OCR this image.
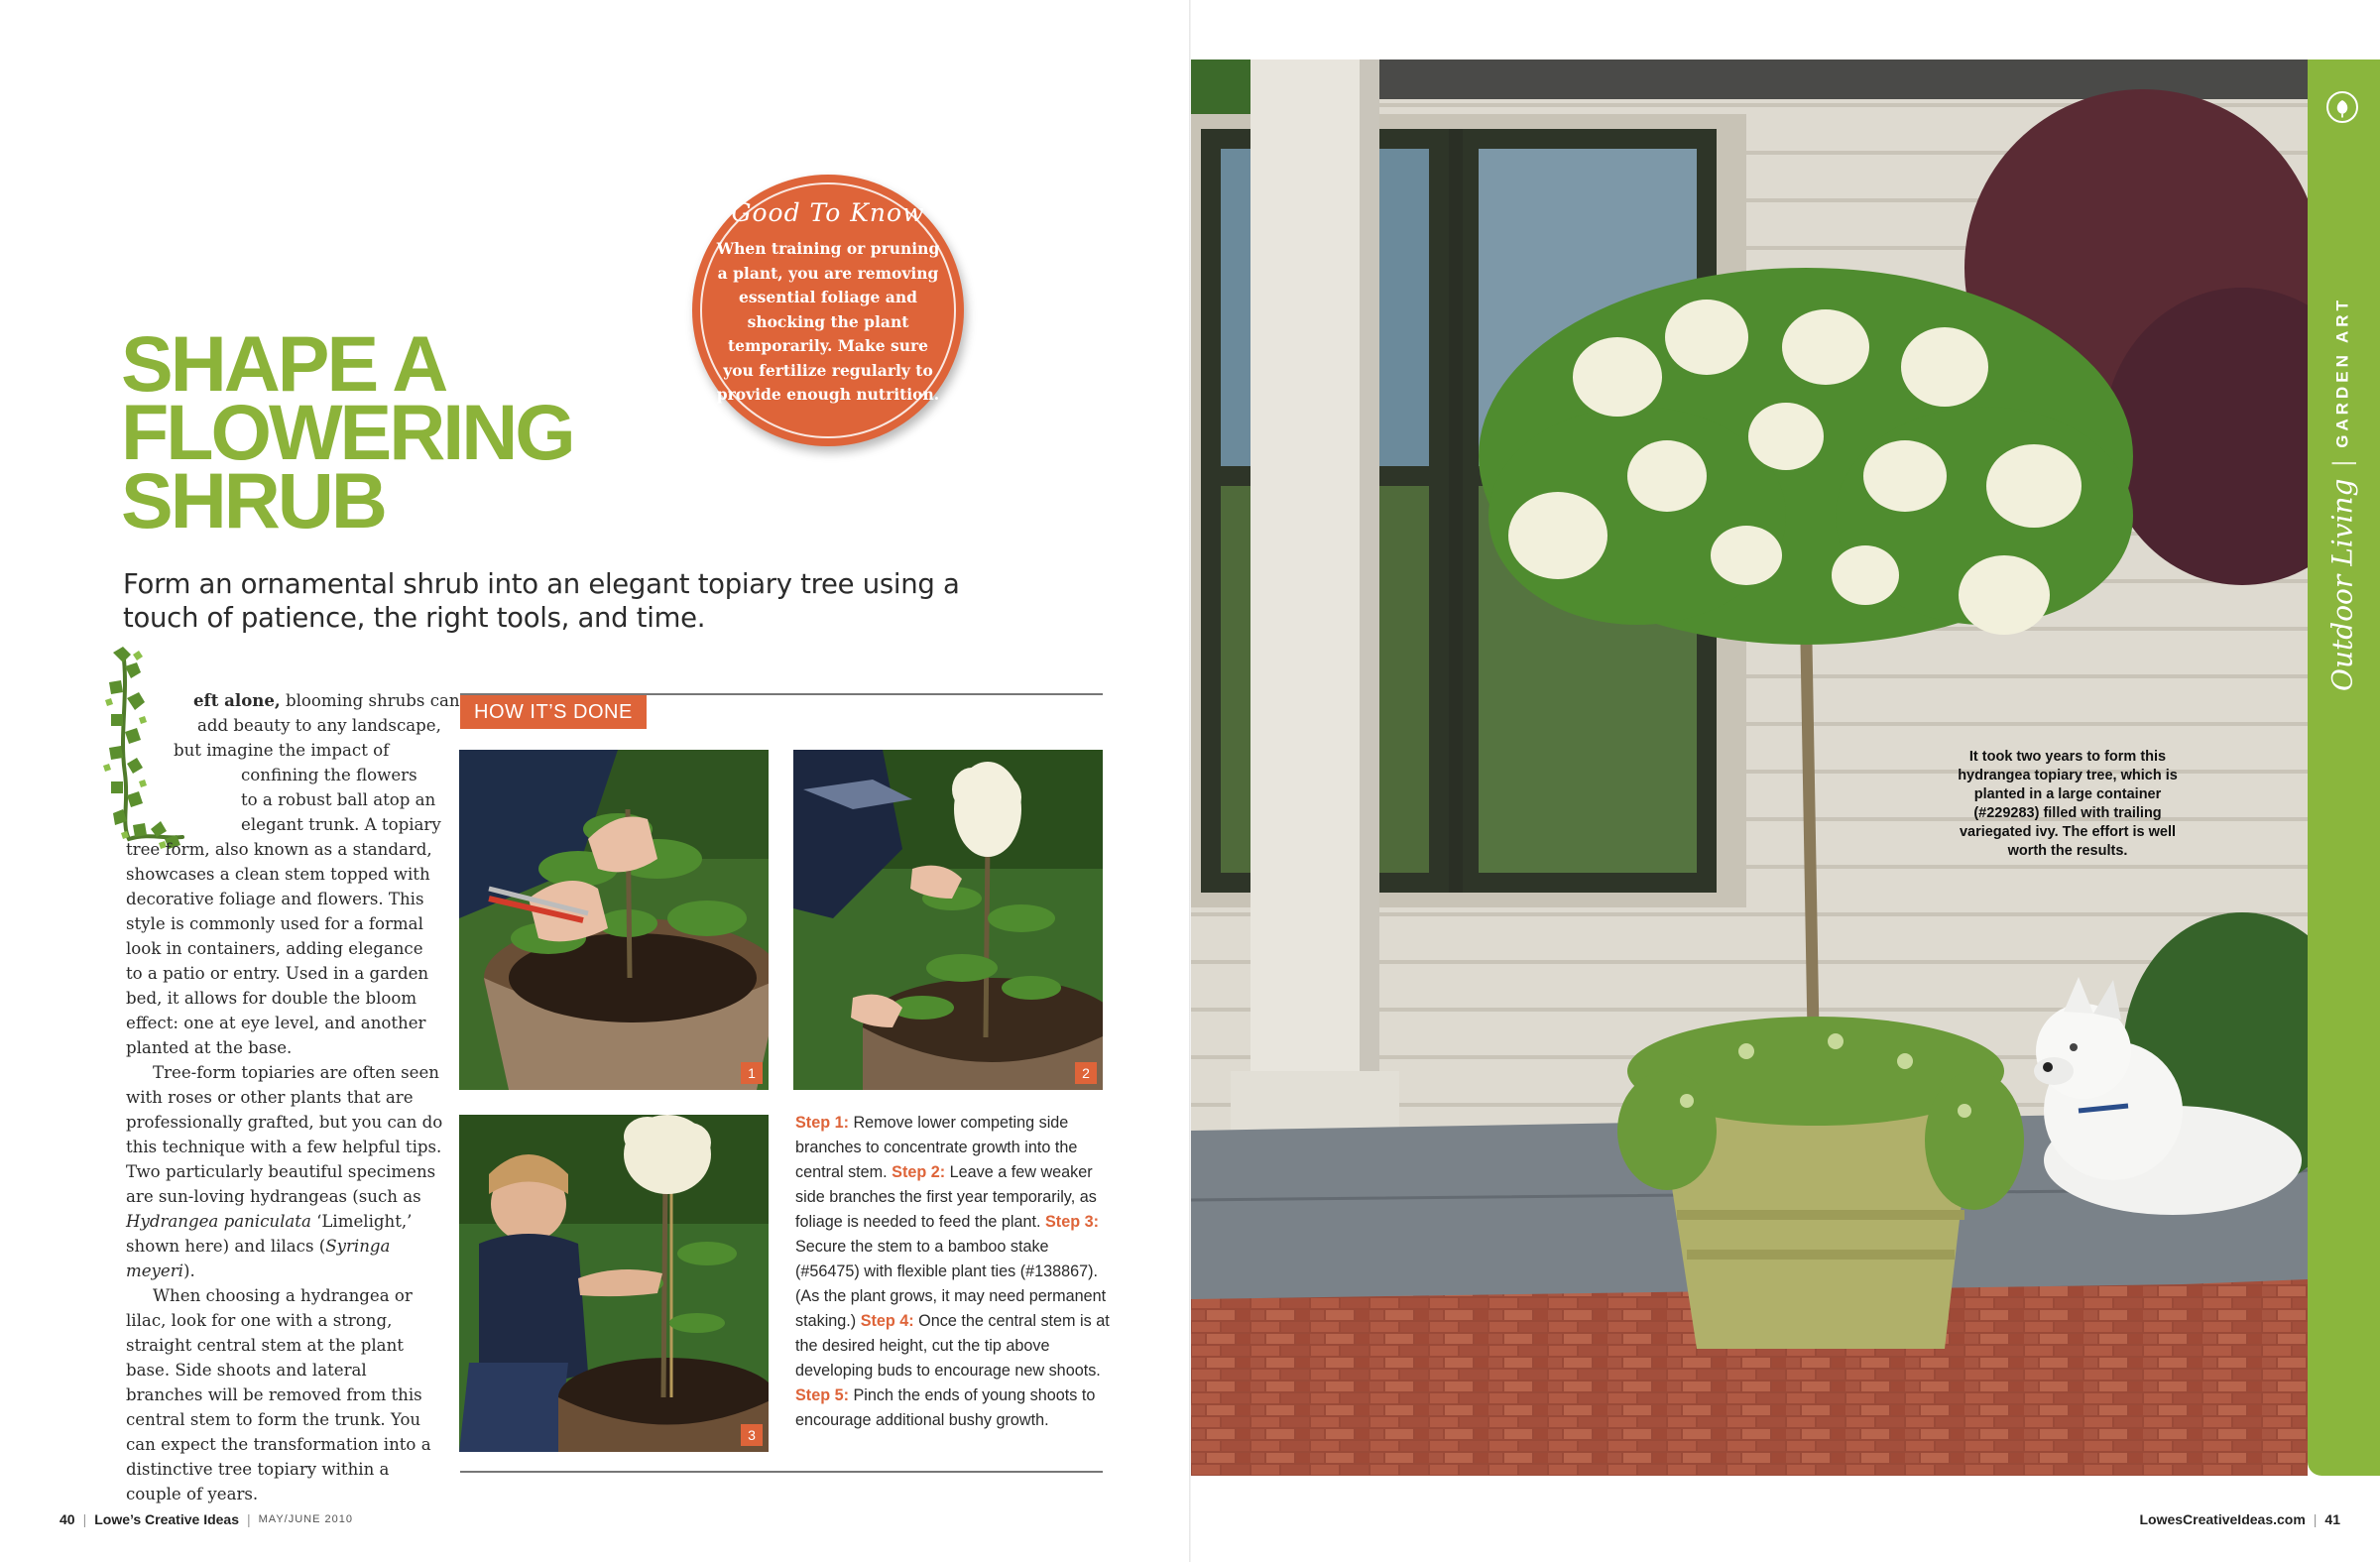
Good To Know
When training or pruning a plant, you are removing essential foliage and shocking the plant temporarily. Make sure you fertilize regularly to provide enough nutrition.
SHAPE A
FLOWERING
SHRUB
Form an ornamental shrub into an elegant topiary tree using a touch of patience, the right tools, and time.

eft alone, blooming shrubs can
add beauty to any landscape,
but imagine the impact of
confining the flowers
to a robust ball atop an
elegant trunk. A topiary
tree form, also known as a standard,
showcases a clean stem topped with
decorative foliage and flowers. This
style is commonly used for a formal
look in containers, adding elegance
to a patio or entry. Used in a garden
bed, it allows for double the bloom
effect: one at eye level, and another
planted at the base.

Tree-form topiaries are often seen with roses or other plants that are professionally grafted, but you can do this technique with a few helpful tips. Two particularly beautiful specimens are sun-loving hydrangeas (such as Hydrangea paniculata ‘Limelight,’ shown here) and lilacs (Syringa meyeri).

When choosing a hydrangea or lilac, look for one with a strong, straight central stem at the plant base. Side shoots and lateral branches will be removed from this central stem to form the trunk. You can expect the transformation into a distinctive tree topiary within a couple of years.

HOW IT’S DONE
1	2
3
Step 1: Remove lower competing side branches to concentrate growth into the central stem. Step 2: Leave a few weaker side branches the first year temporarily, as foliage is needed to feed the plant. Step 3: Secure the stem to a bamboo stake (#56475) with flexible plant ties (#138867). (As the plant grows, it may need permanent staking.) Step 4: Once the central stem is at the desired height, cut the tip above developing buds to encourage new shoots. Step 5: Pinch the ends of young shoots to encourage additional bushy growth.
It took two years to form this hydrangea topiary tree, which is planted in a large container (#229283) filled with trailing variegated ivy. The effort is well worth the results.
Outdoor Living
|
GARDEN ART
40 | Lowe’s Creative Ideas | MAY/JUNE 2010	LowesCreativeIdeas.com | 41
